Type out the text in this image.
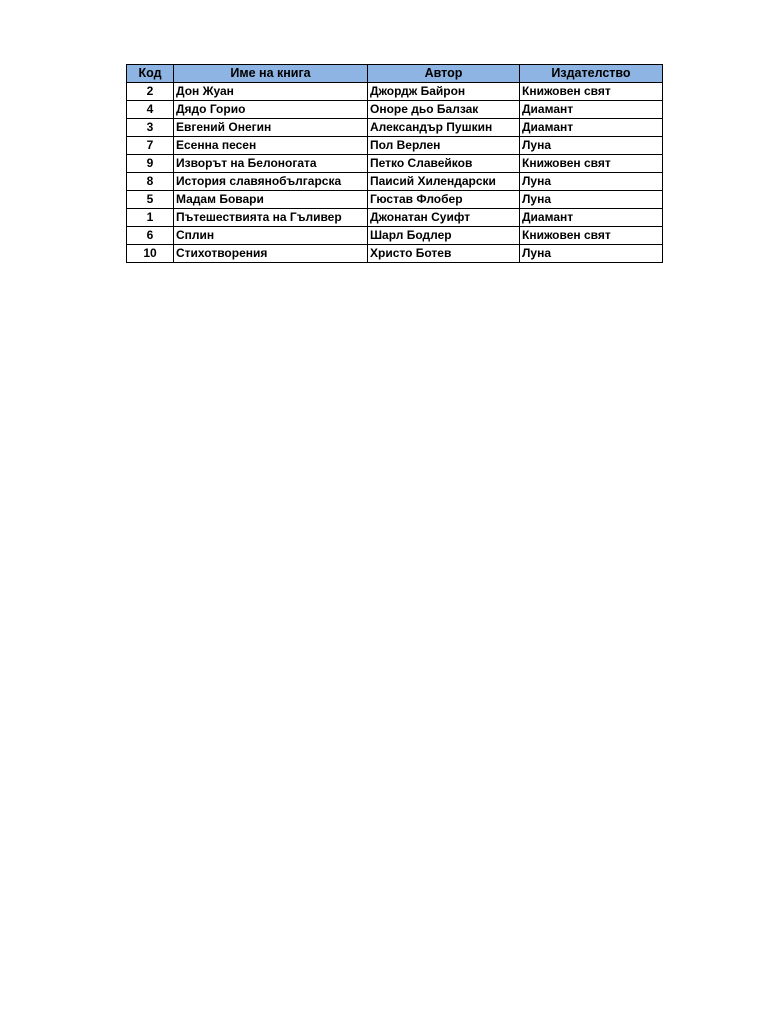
Код	Име на книга	Автор	Издателство
2	Дон Жуан	Джордж Байрон	Книжовен свят
4	Дядо Горио	Оноре дьо Балзак	Диамант
3	Евгений Онегин	Александър Пушкин	Диамант
7	Есенна песен	Пол Верлен	Луна
9	Изворът на Белоногата	Петко Славейков	Книжовен свят
8	История славянобългарска	Паисий Хилендарски	Луна
5	Мадам Бовари	Гюстав Флобер	Луна
1	Пътешествията на Гъливер	Джонатан Суифт	Диамант
6	Сплин	Шарл Бодлер	Книжовен свят
10	Стихотворения	Христо Ботев	Луна
